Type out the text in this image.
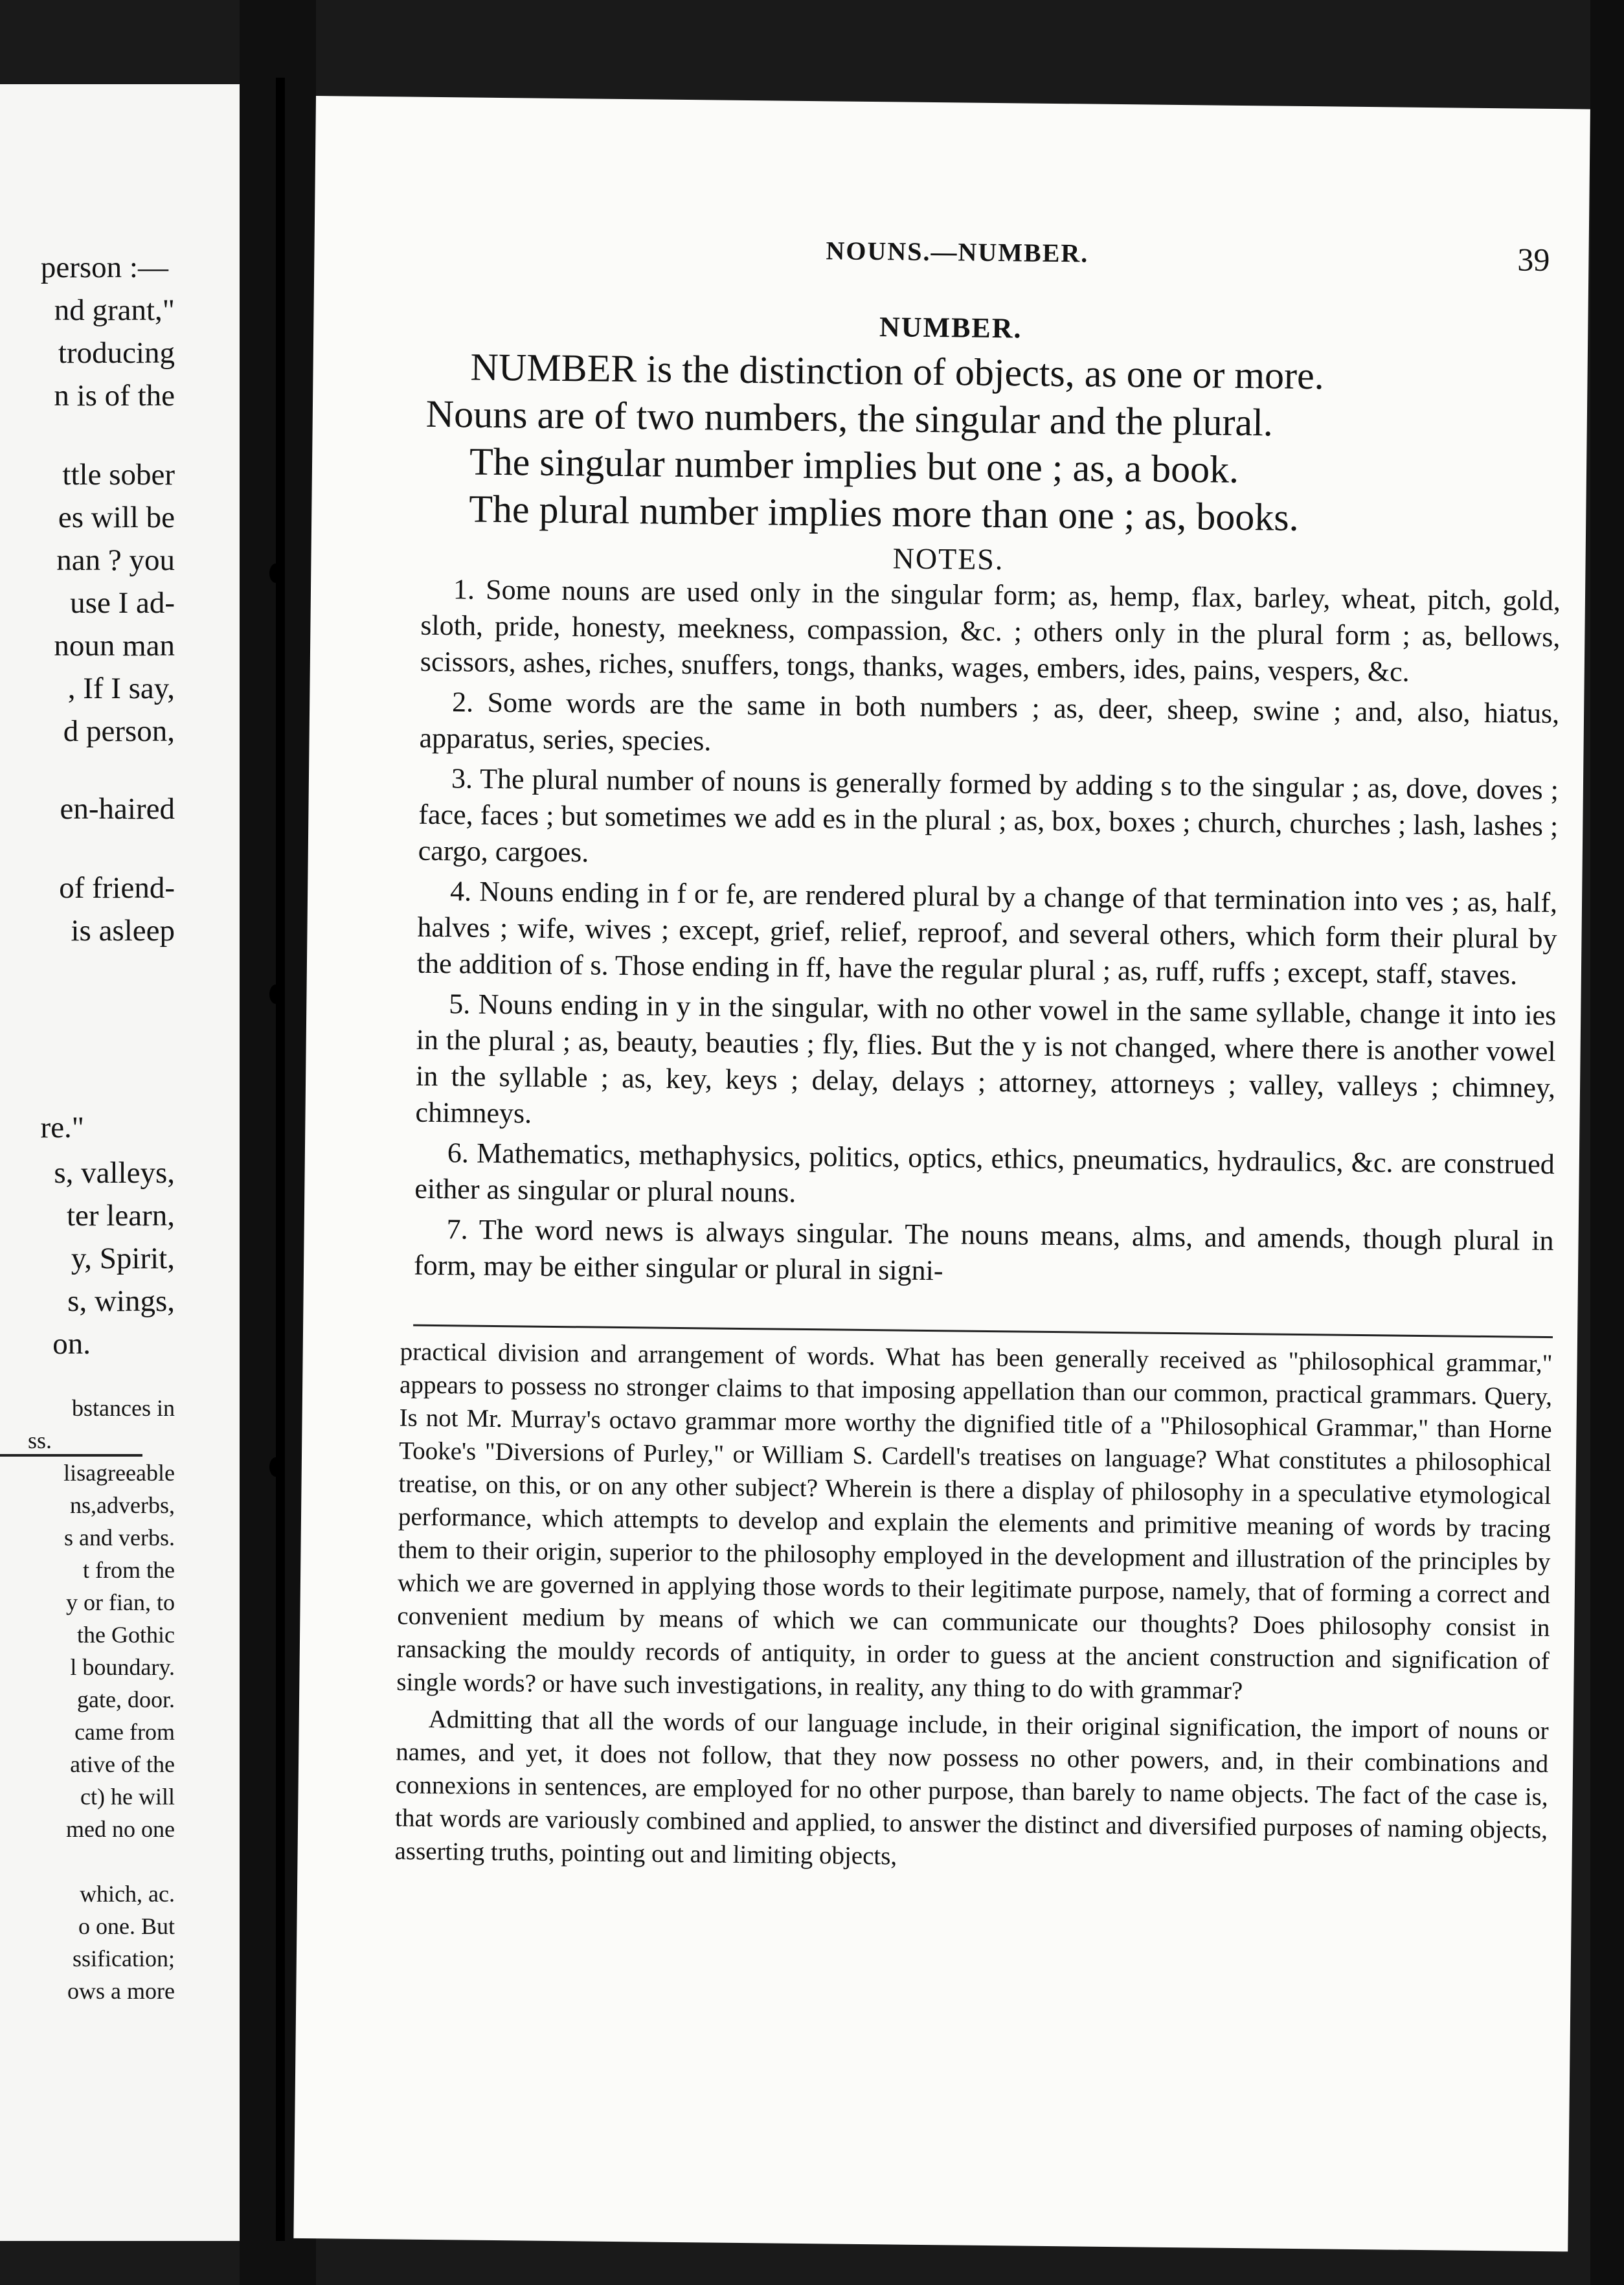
person :—
nd grant,"
troducing
n is of the
ttle sober
es will be
nan ? you
use I ad-
noun man
, If I say,
d person,
en-haired
of friend-
is asleep
re."
s, valleys,
ter learn,
y, Spirit,
s, wings,
on.
bstances in
ss.
lisagreeable
ns,adverbs,
s and verbs.
t from the
y or fian, to
the Gothic
l boundary.
gate, door.
came from
ative of the
ct) he will
med no one
which, ac.
o one. But
ssification;
ows a more
NOUNS.—NUMBER.	39
NUMBER.
NUMBER is the distinction of objects, as one or more.
Nouns are of two numbers, the singular and the plural.
The singular number implies but one ; as, a book.
The plural number implies more than one ; as, books.
NOTES.

1. Some nouns are used only in the singular form; as, hemp, flax, barley, wheat, pitch, gold, sloth, pride, honesty, meekness, compassion, &c. ; others only in the plural form ; as, bellows, scissors, ashes, riches, snuffers, tongs, thanks, wages, embers, ides, pains, vespers, &c.

2. Some words are the same in both numbers ; as, deer, sheep, swine ; and, also, hiatus, apparatus, series, species.

3. The plural number of nouns is generally formed by adding s to the singular ; as, dove, doves ; face, faces ; but sometimes we add es in the plural ; as, box, boxes ; church, churches ; lash, lashes ; cargo, cargoes.

4. Nouns ending in f or fe, are rendered plural by a change of that termination into ves ; as, half, halves ; wife, wives ; except, grief, relief, reproof, and several others, which form their plural by the addition of s. Those ending in ff, have the regular plural ; as, ruff, ruffs ; except, staff, staves.

5. Nouns ending in y in the singular, with no other vowel in the same syllable, change it into ies in the plural ; as, beauty, beauties ; fly, flies. But the y is not changed, where there is another vowel in the syllable ; as, key, keys ; delay, delays ; attorney, attorneys ; valley, valleys ; chimney, chimneys.

6. Mathematics, methaphysics, politics, optics, ethics, pneumatics, hydraulics, &c. are construed either as singular or plural nouns.

7. The word news is always singular. The nouns means, alms, and amends, though plural in form, may be either singular or plural in signi-

practical division and arrangement of words. What has been generally received as "philosophical grammar," appears to possess no stronger claims to that imposing appellation than our common, practical grammars. Query, Is not Mr. Murray's octavo grammar more worthy the dignified title of a "Philosophical Grammar," than Horne Tooke's "Diversions of Purley," or William S. Cardell's treatises on language? What constitutes a philosophical treatise, on this, or on any other subject? Wherein is there a display of philosophy in a speculative etymological performance, which attempts to develop and explain the elements and primitive meaning of words by tracing them to their origin, superior to the philosophy employed in the development and illustration of the principles by which we are governed in applying those words to their legitimate purpose, namely, that of forming a correct and convenient medium by means of which we can communicate our thoughts? Does philosophy consist in ransacking the mouldy records of antiquity, in order to guess at the ancient construction and signification of single words? or have such investigations, in reality, any thing to do with grammar?

Admitting that all the words of our language include, in their original signification, the import of nouns or names, and yet, it does not follow, that they now possess no other powers, and, in their combinations and connexions in sentences, are employed for no other purpose, than barely to name objects. The fact of the case is, that words are variously combined and applied, to answer the distinct and diversified purposes of naming objects, asserting truths, pointing out and limiting objects,
